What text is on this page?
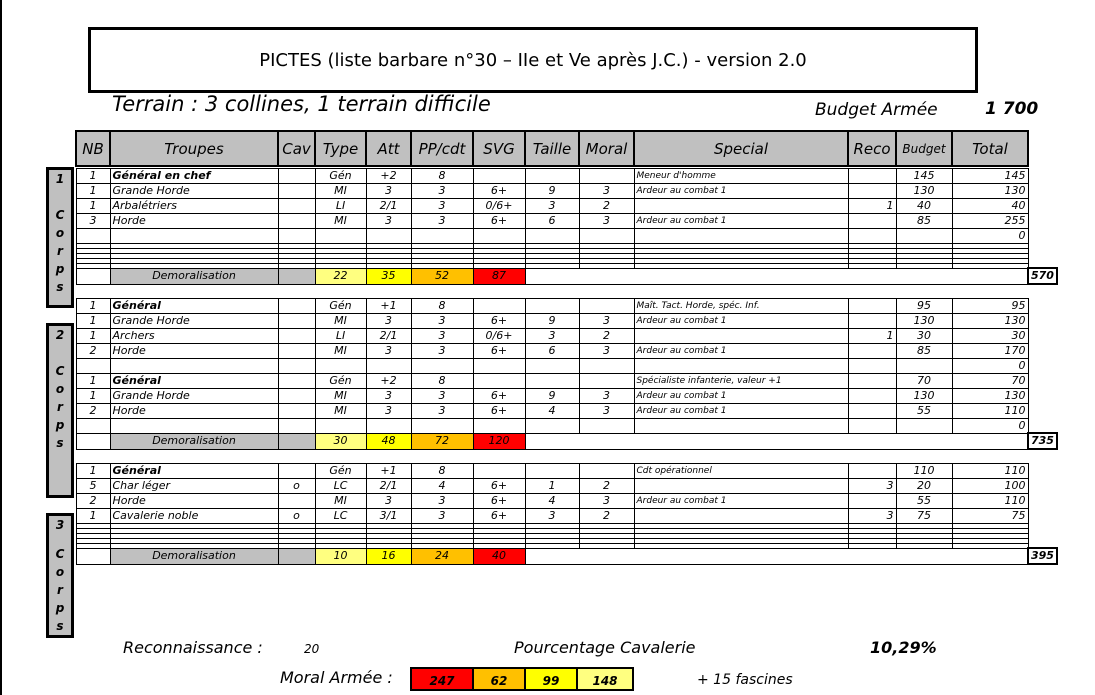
PICTES (liste barbare n°30 – IIe et Ve après J.C.) - version 2.0
Terrain : 3 collines, 1 terrain difficile	Budget Armée	1 700
NB	Troupes	Cav	Type	Att	PP/cdt	SVG	Taille	Moral	Special	Reco	Budget	Total	

1	Général en chef		Gén	+2	8				Meneur d'homme		145	145	
1	Grande Horde		MI	3	3	6+	9	3	Ardeur au combat 1		130	130	
1	Arbalétriers		LI	2/1	3	0/6+	3	2		1	40	40	
3	Horde		MI	3	3	6+	6	3	Ardeur au combat 1		85	255	
												0	

	Demoralisation		22	35	52	87							570

1	Général		Gén	+1	8				Maît. Tact. Horde, spéc. Inf.		95	95	
1	Grande Horde		MI	3	3	6+	9	3	Ardeur au combat 1		130	130	
1	Archers		LI	2/1	3	0/6+	3	2		1	30	30	
2	Horde		MI	3	3	6+	6	3	Ardeur au combat 1		85	170	
												0	
1	Général		Gén	+2	8				Spécialiste infanterie, valeur +1		70	70	
1	Grande Horde		MI	3	3	6+	9	3	Ardeur au combat 1		130	130	
2	Horde		MI	3	3	6+	4	3	Ardeur au combat 1		55	110	
												0	
	Demoralisation		30	48	72	120							735

1	Général		Gén	+1	8				Cdt opérationnel		110	110	
5	Char léger	o	LC	2/1	4	6+	1	2		3	20	100	
2	Horde		MI	3	3	6+	4	3	Ardeur au combat 1		55	110	
1	Cavalerie noble	o	LC	3/1	3	6+	3	2		3	75	75	

	Demoralisation		10	16	24	40							395
1
C
o
r
p
s
2
C
o
r
p
s
3
C
o
r
p
s
Reconnaissance :	20	Pourcentage Cavalerie	10,29%
Moral Armée :	247	62	99	148	+ 15 fascines
